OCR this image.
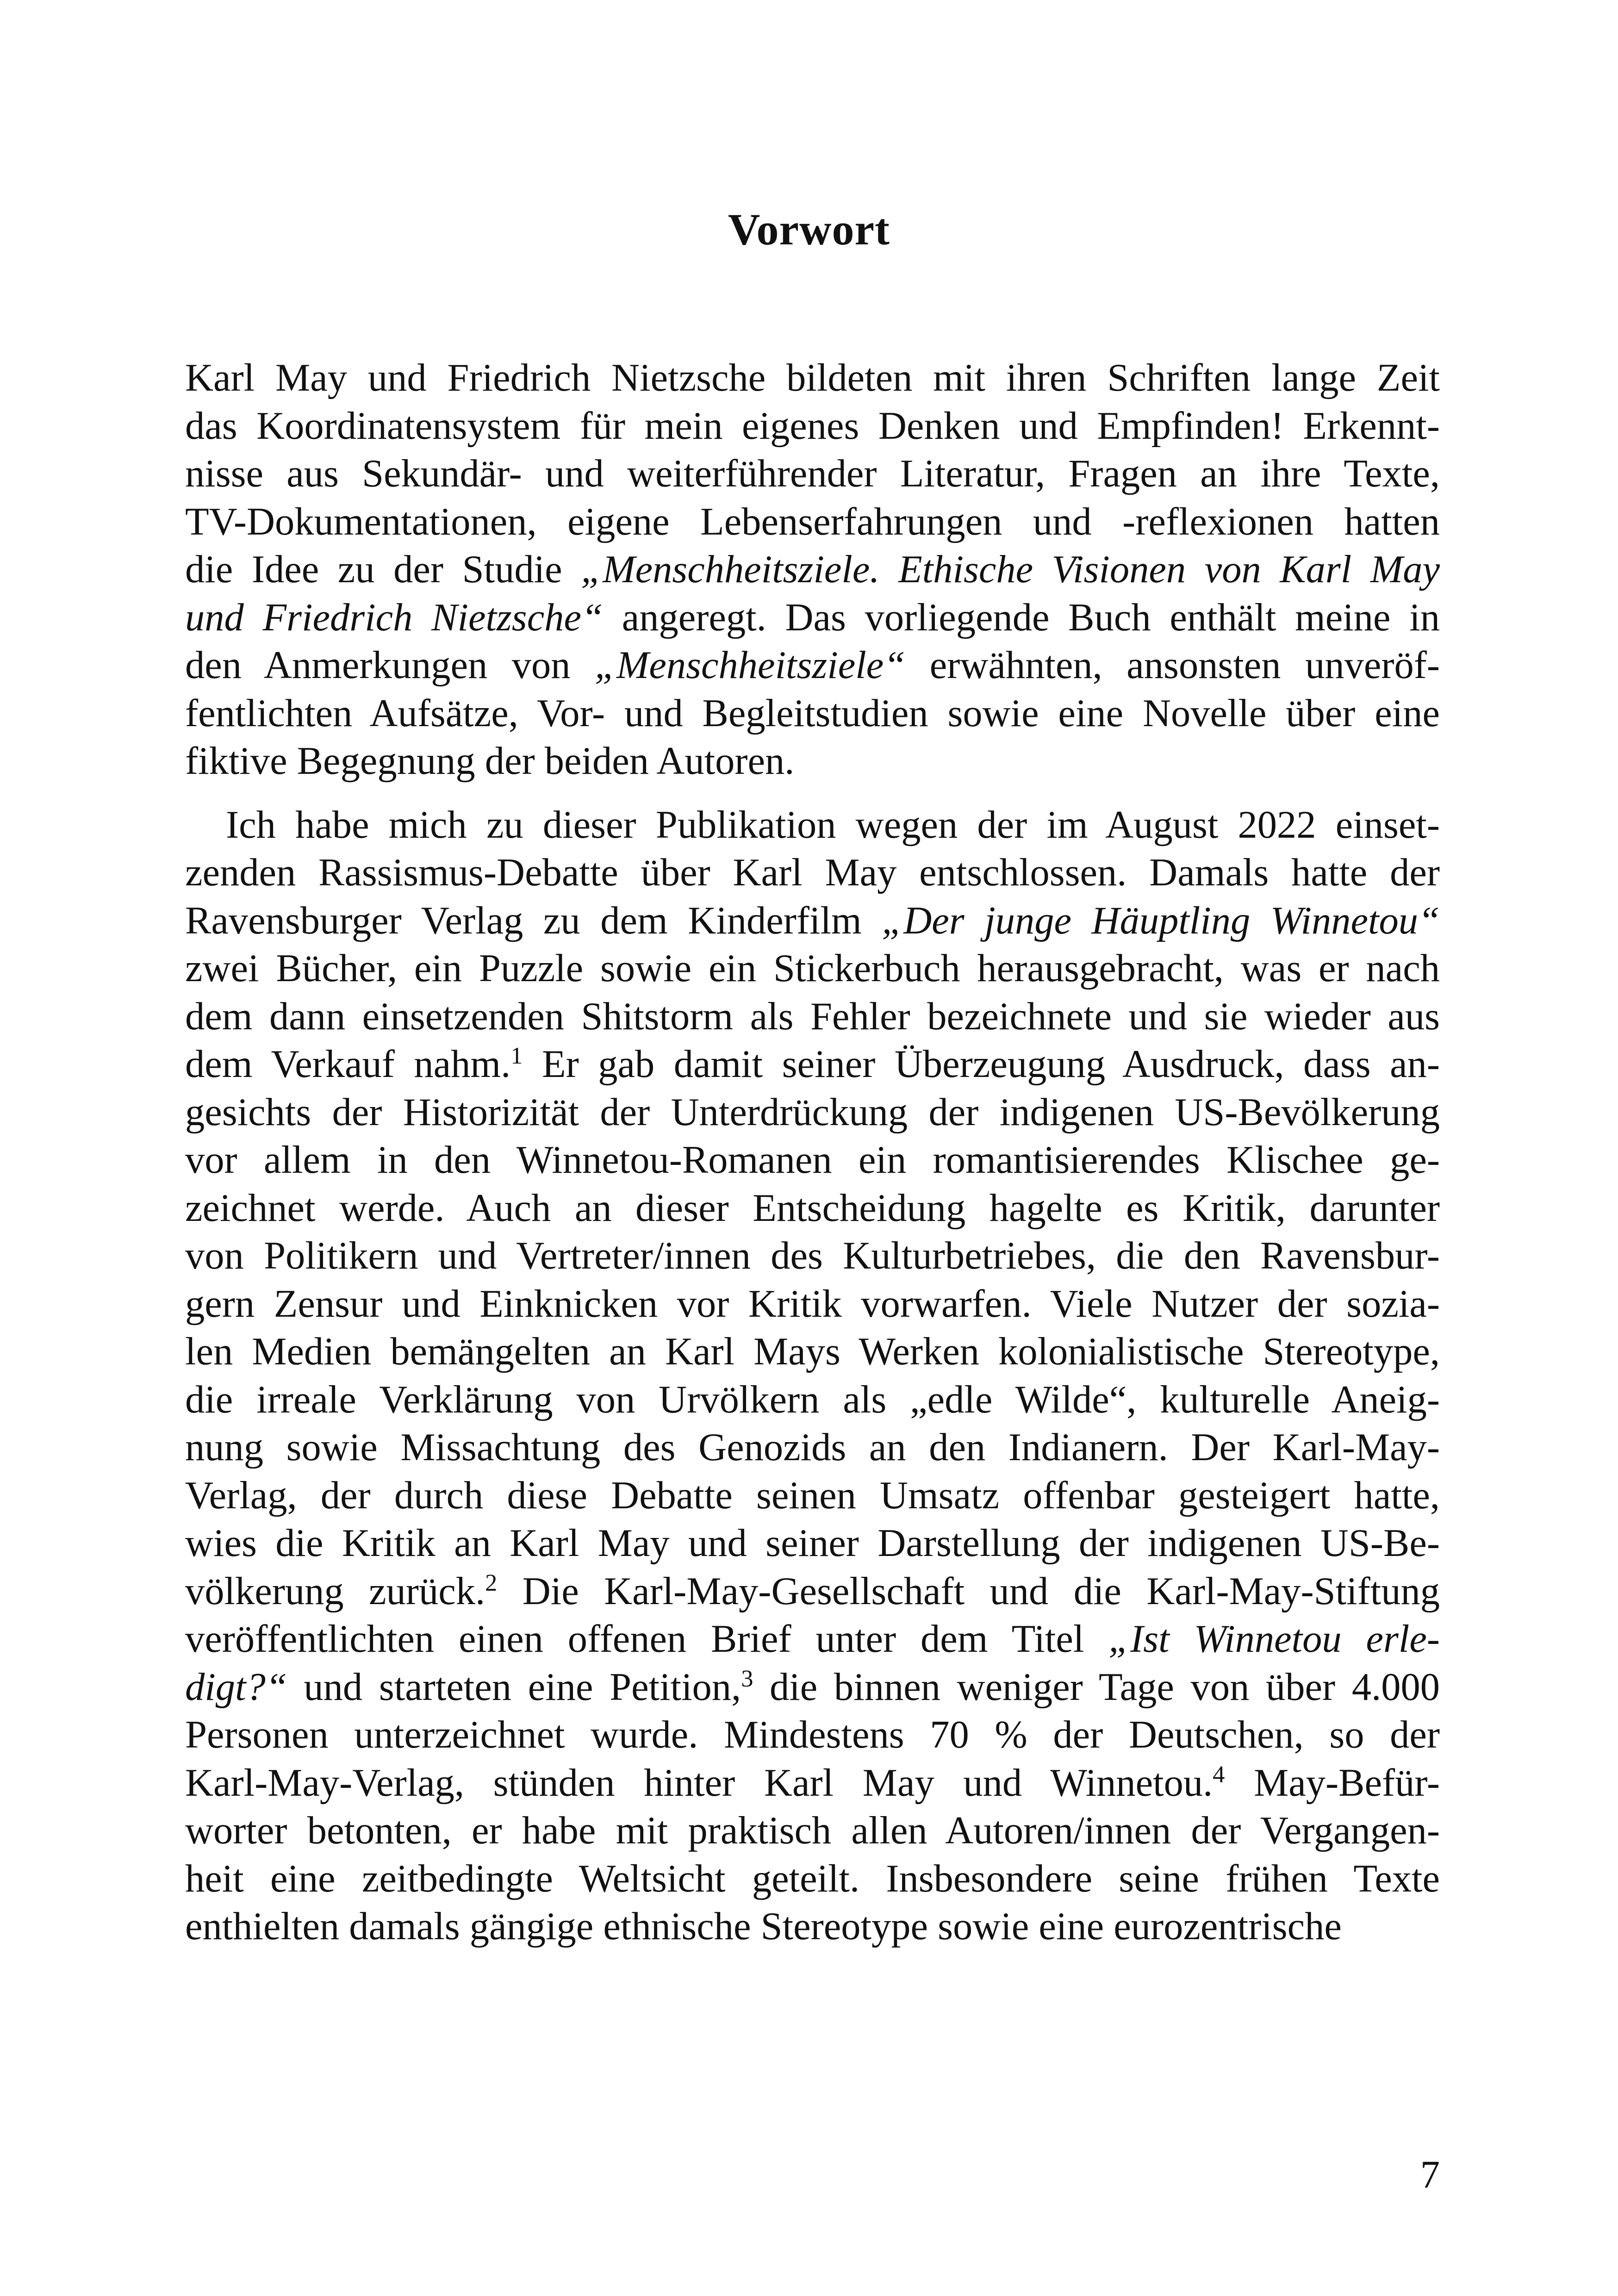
Vorwort
Karl May und Friedrich Nietzsche bildeten mit ihren Schriften lange Zeit
das Koordinatensystem für mein eigenes Denken und Empfinden! Erkennt-
nisse aus Sekundär- und weiterführender Literatur, Fragen an ihre Texte,
TV-Dokumentationen, eigene Lebenserfahrungen und -reflexionen hatten
die Idee zu der Studie „Menschheitsziele. Ethische Visionen von Karl May
und Friedrich Nietzsche“ angeregt. Das vorliegende Buch enthält meine in
den Anmerkungen von „Menschheitsziele“ erwähnten, ansonsten unveröf-
fentlichten Aufsätze, Vor- und Begleitstudien sowie eine Novelle über eine
fiktive Begegnung der beiden Autoren.
Ich habe mich zu dieser Publikation wegen der im August 2022 einset-
zenden Rassismus-Debatte über Karl May entschlossen. Damals hatte der
Ravensburger Verlag zu dem Kinderfilm „Der junge Häuptling Winnetou“
zwei Bücher, ein Puzzle sowie ein Stickerbuch herausgebracht, was er nach
dem dann einsetzenden Shitstorm als Fehler bezeichnete und sie wieder aus
dem Verkauf nahm.$^1$ Er gab damit seiner Überzeugung Ausdruck, dass an-
gesichts der Historizität der Unterdrückung der indigenen US-Bevölkerung
vor allem in den Winnetou-Romanen ein romantisierendes Klischee ge-
zeichnet werde. Auch an dieser Entscheidung hagelte es Kritik, darunter
von Politikern und Vertreter/innen des Kulturbetriebes, die den Ravensbur-
gern Zensur und Einknicken vor Kritik vorwarfen. Viele Nutzer der sozia-
len Medien bemängelten an Karl Mays Werken kolonialistische Stereotype,
die irreale Verklärung von Urvölkern als „edle Wilde“, kulturelle Aneig-
nung sowie Missachtung des Genozids an den Indianern. Der Karl-May-
Verlag, der durch diese Debatte seinen Umsatz offenbar gesteigert hatte,
wies die Kritik an Karl May und seiner Darstellung der indigenen US-Be-
völkerung zurück.$^2$ Die Karl-May-Gesellschaft und die Karl-May-Stiftung
veröffentlichten einen offenen Brief unter dem Titel „Ist Winnetou erle-
digt?“ und starteten eine Petition,$^3$ die binnen weniger Tage von über 4.000
Personen unterzeichnet wurde. Mindestens 70 % der Deutschen, so der
Karl-May-Verlag, stünden hinter Karl May und Winnetou.$^4$ May-Befür-
worter betonten, er habe mit praktisch allen Autoren/innen der Vergangen-
heit eine zeitbedingte Weltsicht geteilt. Insbesondere seine frühen Texte
enthielten damals gängige ethnische Stereotype sowie eine eurozentrische
7
